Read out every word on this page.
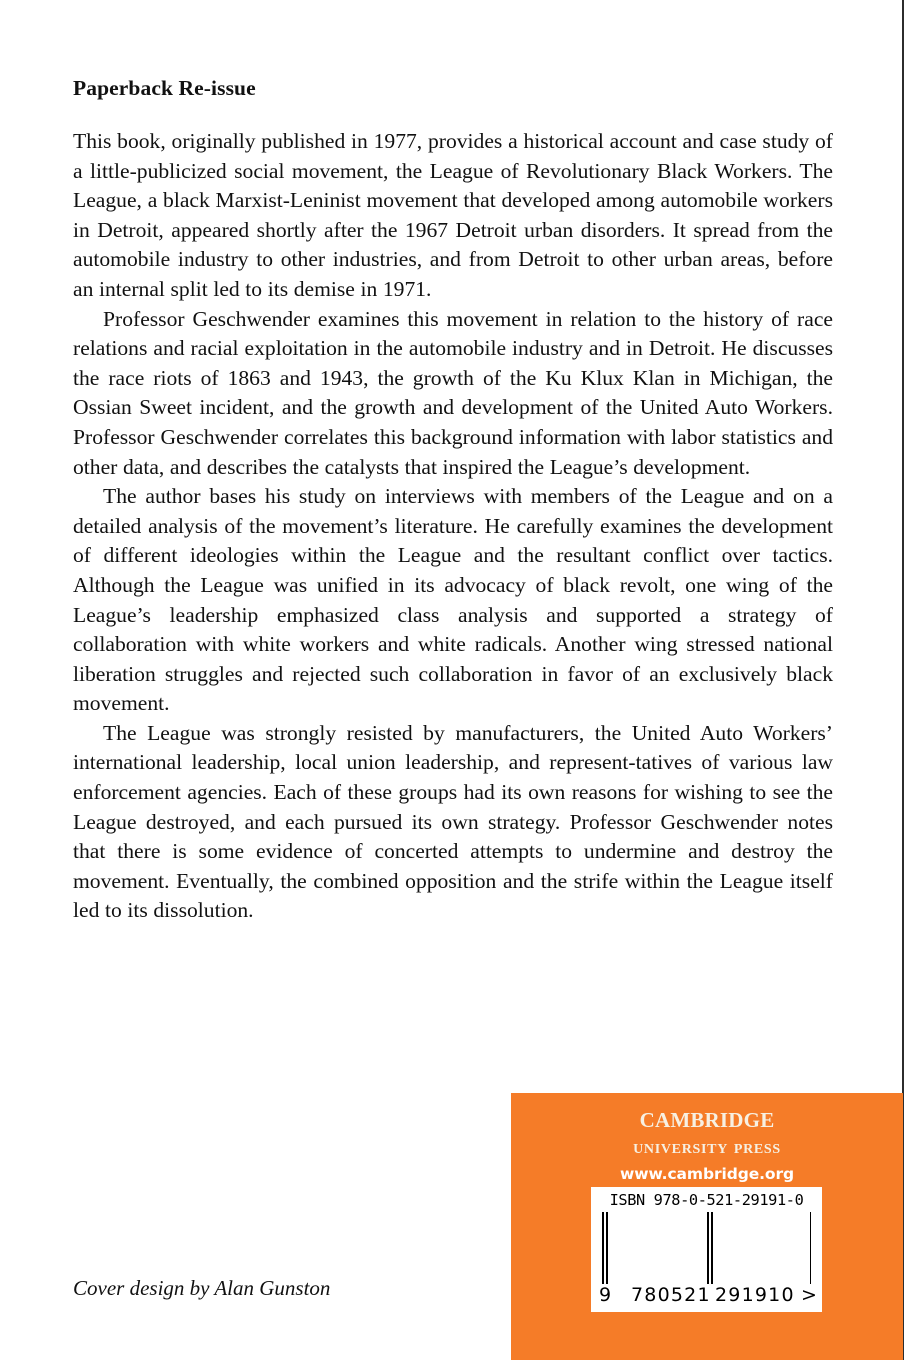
Paperback Re-issue

This book, originally published in 1977, provides a historical account and case study of a little-publicized social movement, the League of Revolutionary Black Workers. The League, a black Marxist-Leninist movement that developed among automobile workers in Detroit, appeared shortly after the 1967 Detroit urban disorders. It spread from the automobile industry to other industries, and from Detroit to other urban areas, before an internal split led to its demise in 1971.

Professor Geschwender examines this movement in relation to the history of race relations and racial exploitation in the automobile industry and in Detroit. He discusses the race riots of 1863 and 1943, the growth of the Ku Klux Klan in Michigan, the Ossian Sweet incident, and the growth and development of the United Auto Workers. Professor Geschwender correlates this background information with labor statistics and other data, and describes the catalysts that inspired the League’s development.

The author bases his study on interviews with members of the League and on a detailed analysis of the movement’s literature. He carefully examines the development of different ideologies within the League and the resultant conflict over tactics. Although the League was unified in its advocacy of black revolt, one wing of the League’s leadership emphasized class analysis and supported a strategy of collaboration with white workers and white radicals. Another wing stressed national liberation struggles and rejected such collaboration in favor of an exclusively black movement.

The League was strongly resisted by manufacturers, the United Auto Workers’ international leadership, local union leadership, and represent-tatives of various law enforcement agencies. Each of these groups had its own reasons for wishing to see the League destroyed, and each pursued its own strategy. Professor Geschwender notes that there is some evidence of concerted attempts to undermine and destroy the movement. Eventually, the combined opposition and the strife within the League itself led to its dissolution.

Cover design by Alan Gunston
cambridge
university press
www.cambridge.org
ISBN 978-0-521-29191-0
9 780521 291910 >
